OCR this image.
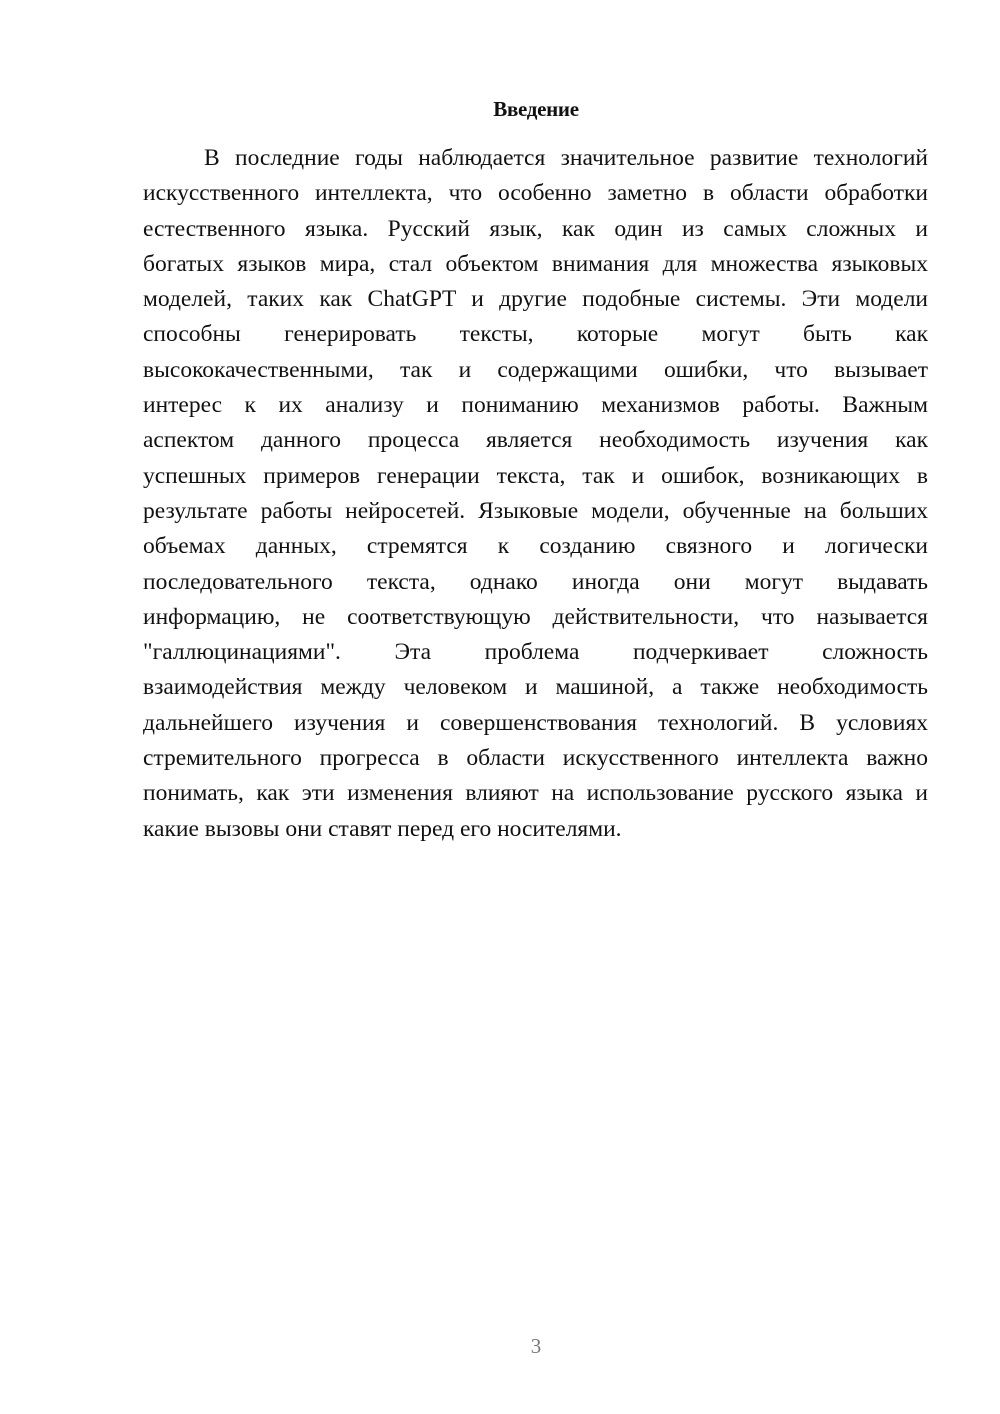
Введение
В последние годы наблюдается значительное развитие технологий
искусственного интеллекта, что особенно заметно в области обработки
естественного языка. Русский язык, как один из самых сложных и
богатых языков мира, стал объектом внимания для множества языковых
моделей, таких как ChatGPT и другие подобные системы. Эти модели
способны генерировать тексты, которые могут быть как
высококачественными, так и содержащими ошибки, что вызывает
интерес к их анализу и пониманию механизмов работы. Важным
аспектом данного процесса является необходимость изучения как
успешных примеров генерации текста, так и ошибок, возникающих в
результате работы нейросетей. Языковые модели, обученные на больших
объемах данных, стремятся к созданию связного и логически
последовательного текста, однако иногда они могут выдавать
информацию, не соответствующую действительности, что называется
"галлюцинациями". Эта проблема подчеркивает сложность
взаимодействия между человеком и машиной, а также необходимость
дальнейшего изучения и совершенствования технологий. В условиях
стремительного прогресса в области искусственного интеллекта важно
понимать, как эти изменения влияют на использование русского языка и
какие вызовы они ставят перед его носителями.
3
